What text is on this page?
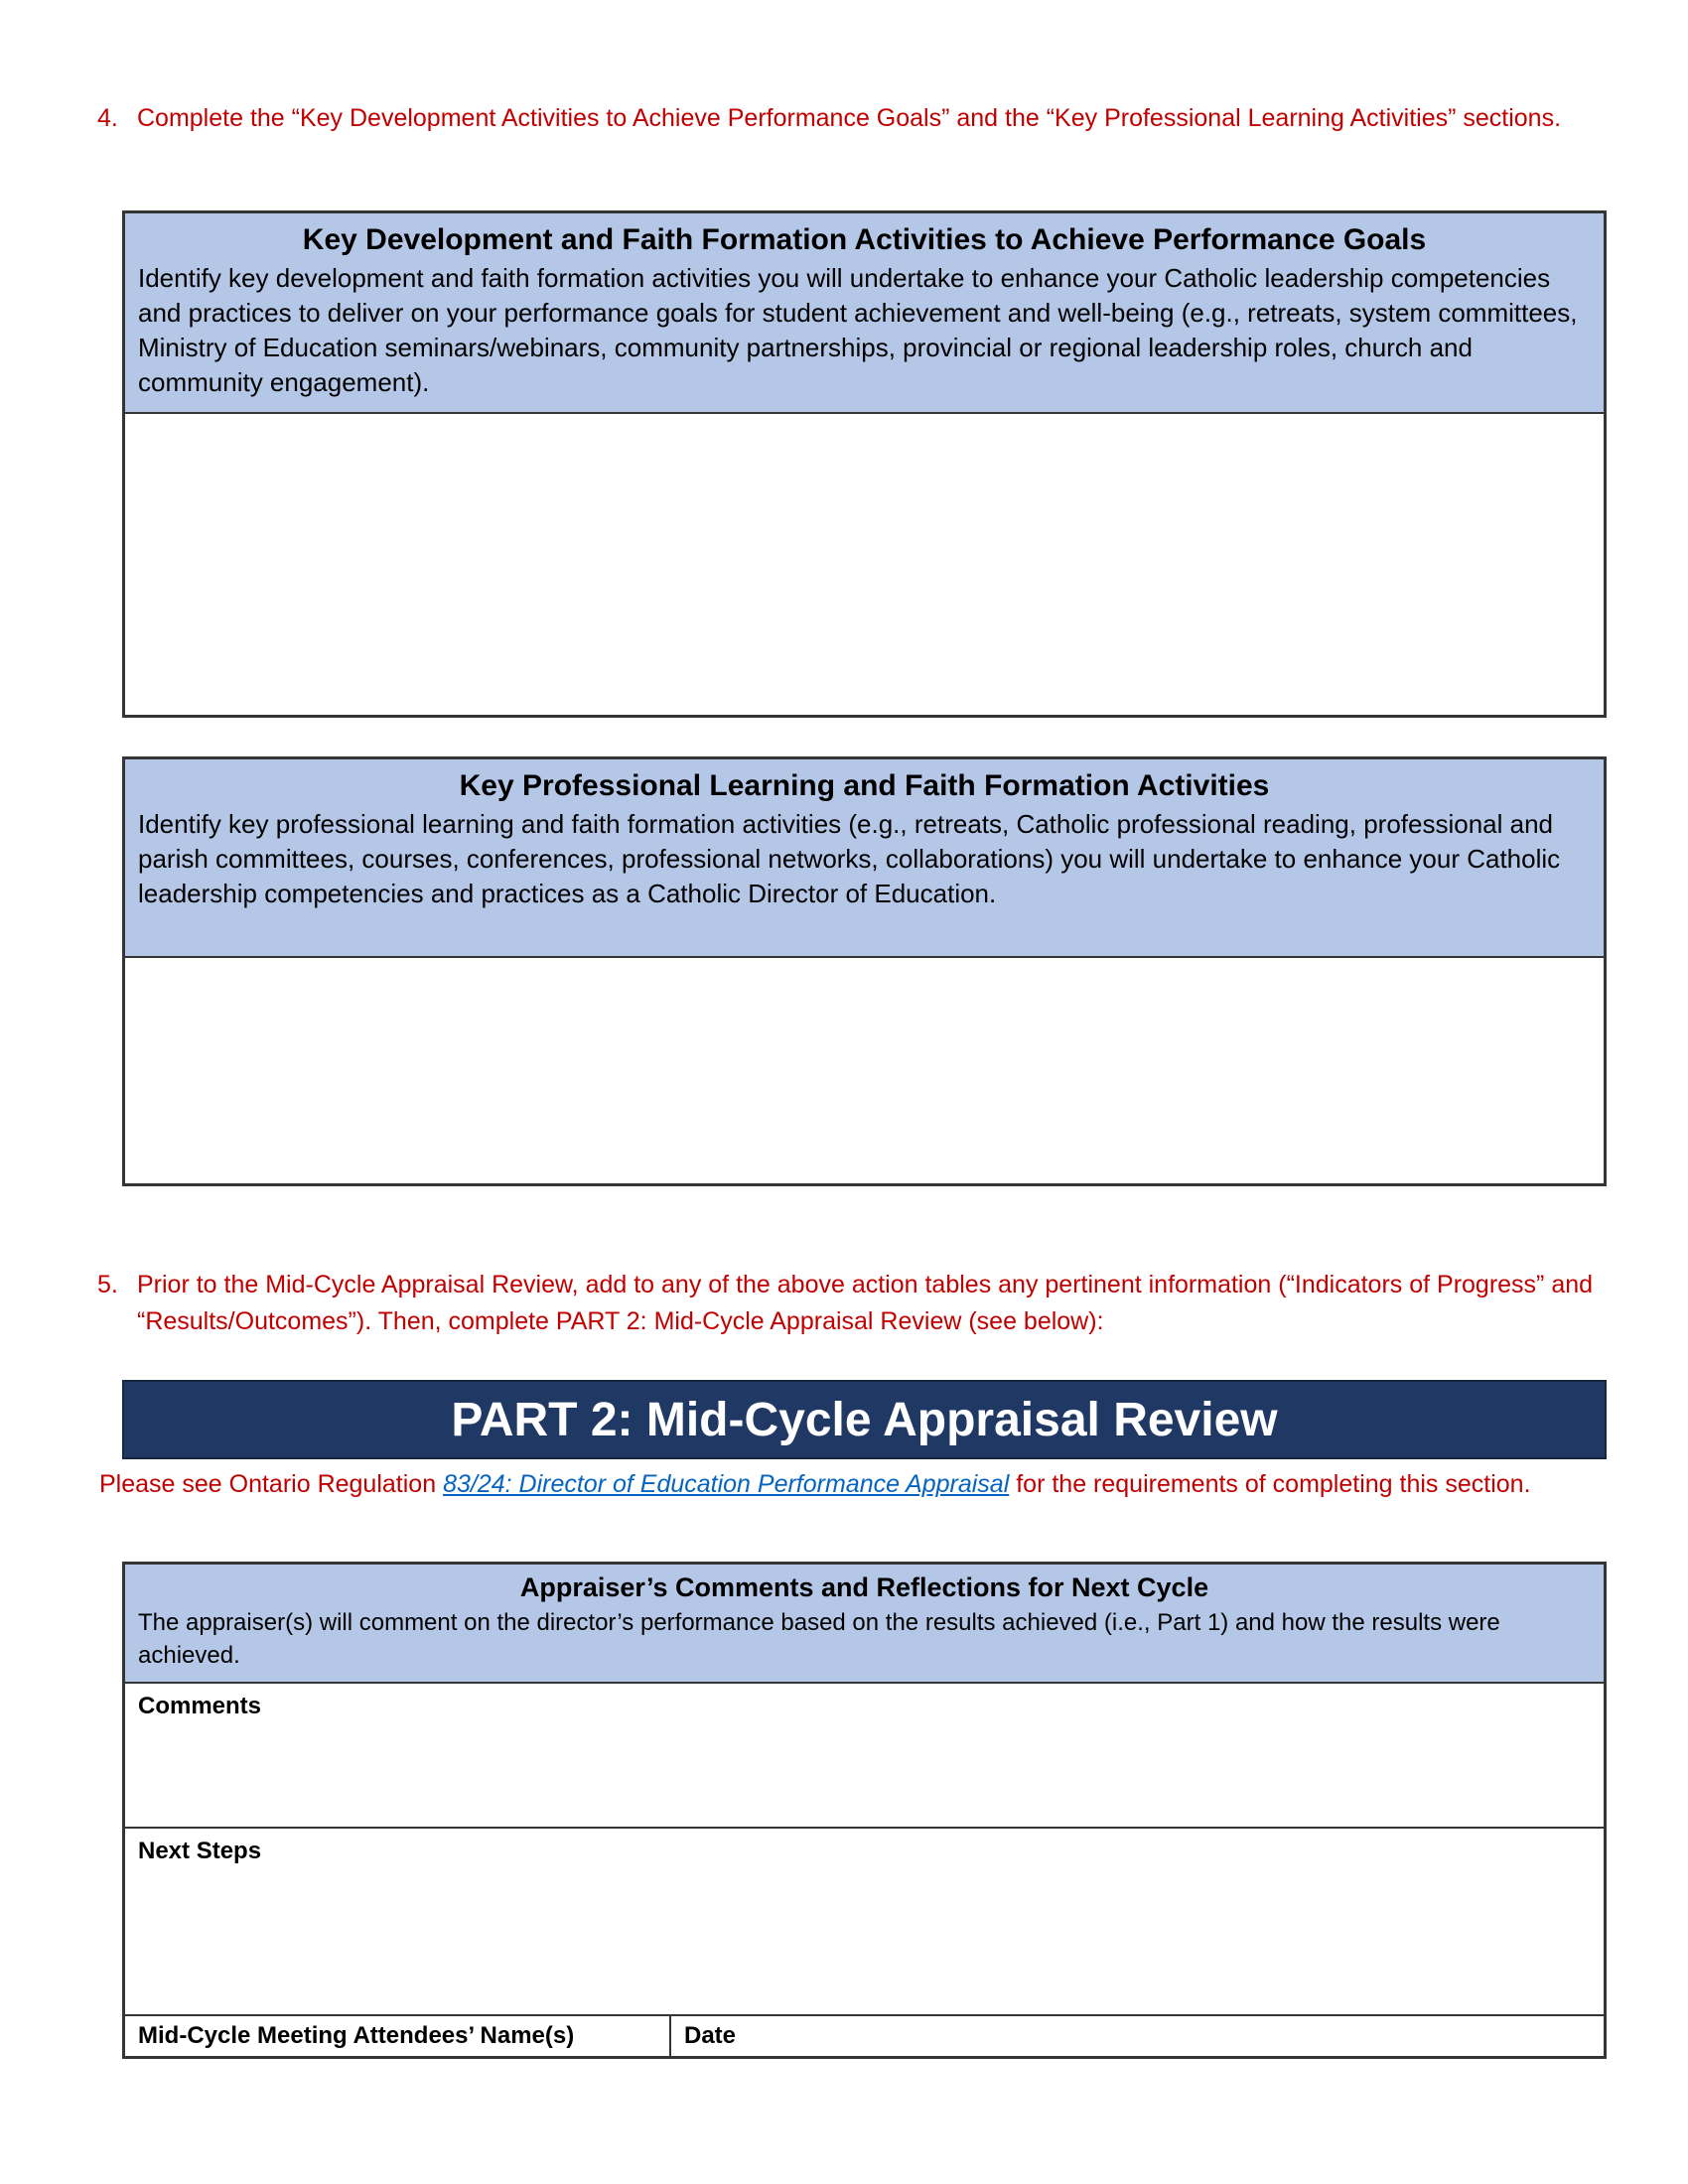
4. Complete the “Key Development Activities to Achieve Performance Goals” and the “Key Professional Learning Activities” sections.
Key Development and Faith Formation Activities to Achieve Performance Goals
Identify key development and faith formation activities you will undertake to enhance your Catholic leadership competencies and practices to deliver on your performance goals for student achievement and well-being (e.g., retreats, system committees, Ministry of Education seminars/webinars, community partnerships, provincial or regional leadership roles, church and community engagement).
Key Professional Learning and Faith Formation Activities
Identify key professional learning and faith formation activities (e.g., retreats, Catholic professional reading, professional and parish committees, courses, conferences, professional networks, collaborations) you will undertake to enhance your Catholic leadership competencies and practices as a Catholic Director of Education.
5. Prior to the Mid-Cycle Appraisal Review, add to any of the above action tables any pertinent information (“Indicators of Progress” and “Results/Outcomes”). Then, complete PART 2: Mid-Cycle Appraisal Review (see below):
PART 2: Mid-Cycle Appraisal Review
Please see Ontario Regulation 83/24: Director of Education Performance Appraisal for the requirements of completing this section.
Appraiser’s Comments and Reflections for Next Cycle
The appraiser(s) will comment on the director’s performance based on the results achieved (i.e., Part 1) and how the results were achieved.
Comments
Next Steps
Mid-Cycle Meeting Attendees’ Name(s)	Date
